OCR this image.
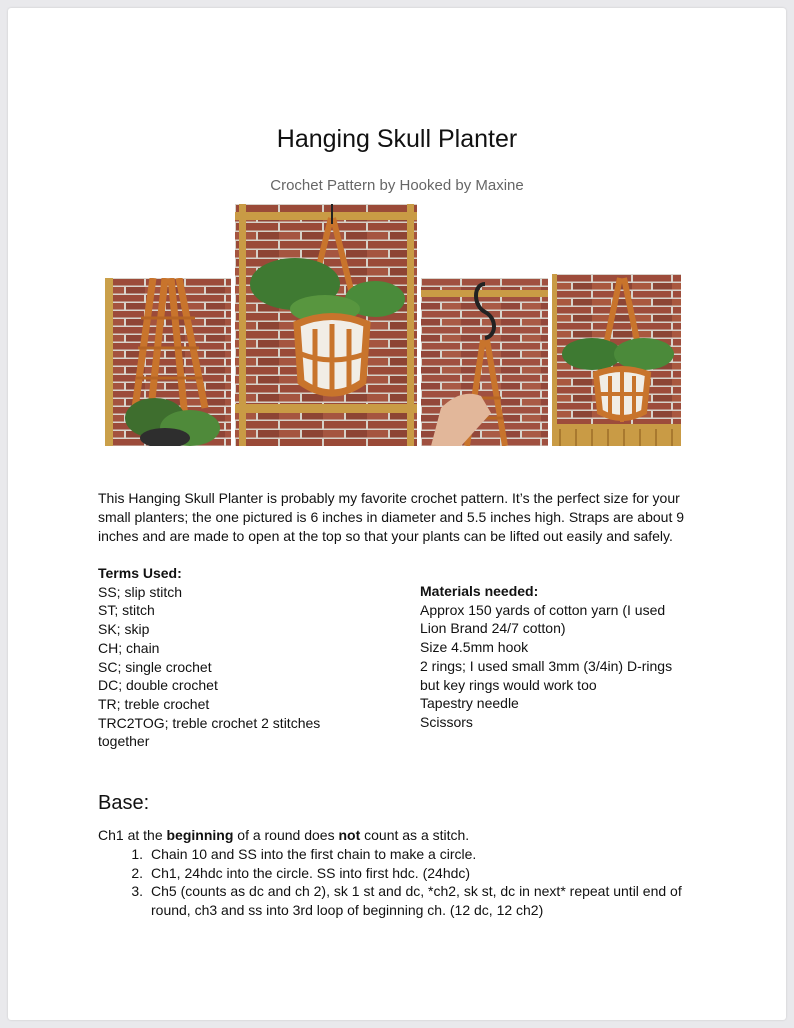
Hanging Skull Planter
Crochet Pattern by Hooked by Maxine
This Hanging Skull Planter is probably my favorite crochet pattern. It’s the perfect size for your small planters; the one pictured is 6 inches in diameter and 5.5 inches high. Straps are about 9 inches and are made to open at the top so that your plants can be lifted out easily and safely.
Terms Used:
SS; slip stitch
ST; stitch
SK; skip
CH; chain
SC; single crochet
DC; double crochet
TR; treble crochet
TRC2TOG; treble crochet 2 stitches together
Materials needed:
Approx 150 yards of cotton yarn (I used Lion Brand 24/7 cotton)
Size 4.5mm hook
2 rings; I used small 3mm (3/4in) D-rings but key rings would work too
Tapestry needle
Scissors
Base:
Ch1 at the beginning of a round does not count as a stitch.
1. Chain 10 and SS into the first chain to make a circle.
2. Ch1, 24hdc into the circle. SS into first hdc. (24hdc)
3. Ch5 (counts as dc and ch 2), sk 1 st and dc, *ch2, sk st, dc in next* repeat until end of round, ch3 and ss into 3rd loop of beginning ch. (12 dc, 12 ch2)
